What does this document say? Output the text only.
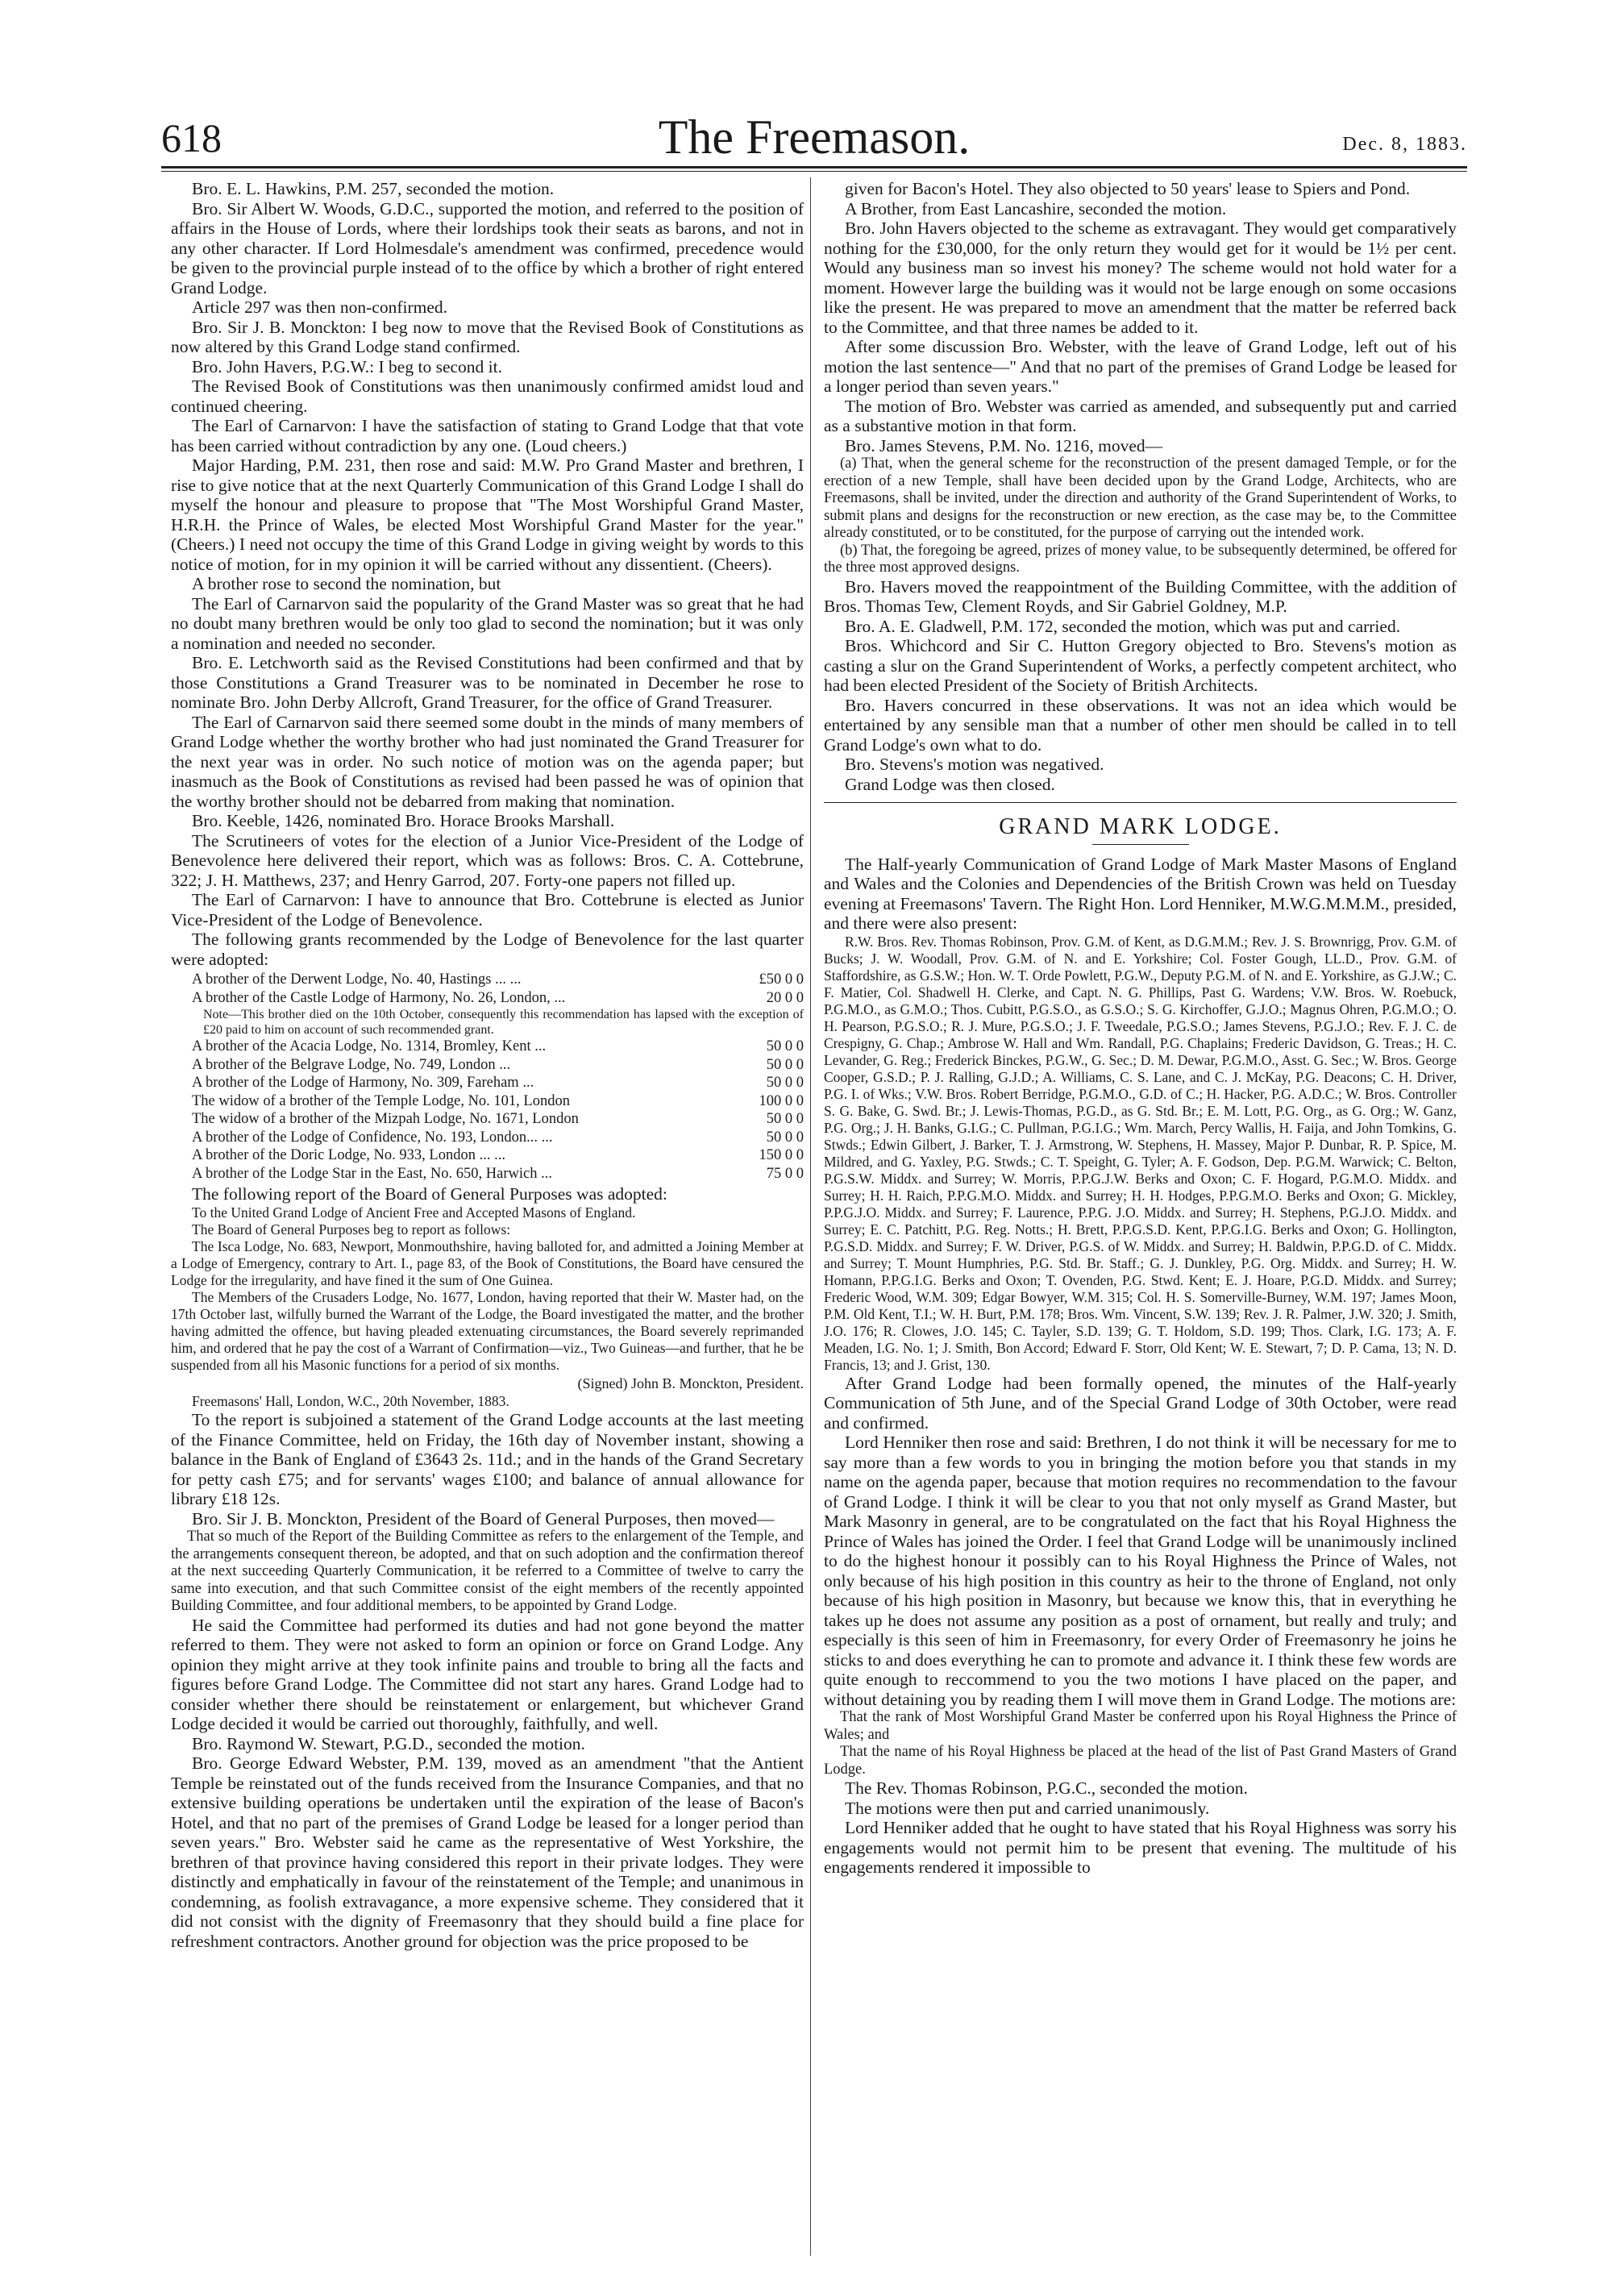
618	The Freemason.	Dec. 8, 1883.

Bro. E. L. Hawkins, P.M. 257, seconded the motion.

Bro. Sir Albert W. Woods, G.D.C., supported the motion, and referred to the position of affairs in the House of Lords, where their lordships took their seats as barons, and not in any other character. If Lord Holmesdale's amendment was confirmed, precedence would be given to the provincial purple instead of to the office by which a brother of right entered Grand Lodge.

Article 297 was then non-confirmed.

Bro. Sir J. B. Monckton: I beg now to move that the Revised Book of Constitutions as now altered by this Grand Lodge stand confirmed.

Bro. John Havers, P.G.W.: I beg to second it.

The Revised Book of Constitutions was then unanimously confirmed amidst loud and continued cheering.

The Earl of Carnarvon: I have the satisfaction of stating to Grand Lodge that that vote has been carried without contradiction by any one. (Loud cheers.)

Major Harding, P.M. 231, then rose and said: M.W. Pro Grand Master and brethren, I rise to give notice that at the next Quarterly Communication of this Grand Lodge I shall do myself the honour and pleasure to propose that "The Most Worshipful Grand Master, H.R.H. the Prince of Wales, be elected Most Worshipful Grand Master for the year." (Cheers.) I need not occupy the time of this Grand Lodge in giving weight by words to this notice of motion, for in my opinion it will be carried without any dissentient. (Cheers).

A brother rose to second the nomination, but

The Earl of Carnarvon said the popularity of the Grand Master was so great that he had no doubt many brethren would be only too glad to second the nomination; but it was only a nomination and needed no seconder.

Bro. E. Letchworth said as the Revised Constitutions had been confirmed and that by those Constitutions a Grand Treasurer was to be nominated in December he rose to nominate Bro. John Derby Allcroft, Grand Treasurer, for the office of Grand Treasurer.

The Earl of Carnarvon said there seemed some doubt in the minds of many members of Grand Lodge whether the worthy brother who had just nominated the Grand Treasurer for the next year was in order. No such notice of motion was on the agenda paper; but inasmuch as the Book of Constitutions as revised had been passed he was of opinion that the worthy brother should not be debarred from making that nomination.

Bro. Keeble, 1426, nominated Bro. Horace Brooks Marshall.

The Scrutineers of votes for the election of a Junior Vice-President of the Lodge of Benevolence here delivered their report, which was as follows: Bros. C. A. Cottebrune, 322; J. H. Matthews, 237; and Henry Garrod, 207. Forty-one papers not filled up.

The Earl of Carnarvon: I have to announce that Bro. Cottebrune is elected as Junior Vice-President of the Lodge of Benevolence.

The following grants recommended by the Lodge of Benevolence for the last quarter were adopted:

A brother of the Derwent Lodge, No. 40, Hastings ... ...	£50 0 0
A brother of the Castle Lodge of Harmony, No. 26, London, ...	20 0 0

Note—This brother died on the 10th October, consequently this recommendation has lapsed with the exception of £20 paid to him on account of such recommended grant.

A brother of the Acacia Lodge, No. 1314, Bromley, Kent ...	50 0 0
A brother of the Belgrave Lodge, No. 749, London ...	50 0 0
A brother of the Lodge of Harmony, No. 309, Fareham ...	50 0 0
The widow of a brother of the Temple Lodge, No. 101, London	100 0 0
The widow of a brother of the Mizpah Lodge, No. 1671, London	50 0 0
A brother of the Lodge of Confidence, No. 193, London... ...	50 0 0
A brother of the Doric Lodge, No. 933, London ... ...	150 0 0
A brother of the Lodge Star in the East, No. 650, Harwich ...	75 0 0

The following report of the Board of General Purposes was adopted:

To the United Grand Lodge of Ancient Free and Accepted Masons of England.

The Board of General Purposes beg to report as follows:

The Isca Lodge, No. 683, Newport, Monmouthshire, having balloted for, and admitted a Joining Member at a Lodge of Emergency, contrary to Art. I., page 83, of the Book of Constitutions, the Board have censured the Lodge for the irregularity, and have fined it the sum of One Guinea.

The Members of the Crusaders Lodge, No. 1677, London, having reported that their W. Master had, on the 17th October last, wilfully burned the Warrant of the Lodge, the Board investigated the matter, and the brother having admitted the offence, but having pleaded extenuating circumstances, the Board severely reprimanded him, and ordered that he pay the cost of a Warrant of Confirmation—viz., Two Guineas—and further, that he be suspended from all his Masonic functions for a period of six months.

(Signed) John B. Monckton, President.

Freemasons' Hall, London, W.C., 20th November, 1883.

To the report is subjoined a statement of the Grand Lodge accounts at the last meeting of the Finance Committee, held on Friday, the 16th day of November instant, showing a balance in the Bank of England of £3643 2s. 11d.; and in the hands of the Grand Secretary for petty cash £75; and for servants' wages £100; and balance of annual allowance for library £18 12s.

Bro. Sir J. B. Monckton, President of the Board of General Purposes, then moved—

That so much of the Report of the Building Committee as refers to the enlargement of the Temple, and the arrangements consequent thereon, be adopted, and that on such adoption and the confirmation thereof at the next succeeding Quarterly Communication, it be referred to a Committee of twelve to carry the same into execution, and that such Committee consist of the eight members of the recently appointed Building Committee, and four additional members, to be appointed by Grand Lodge.

He said the Committee had performed its duties and had not gone beyond the matter referred to them. They were not asked to form an opinion or force on Grand Lodge. Any opinion they might arrive at they took infinite pains and trouble to bring all the facts and figures before Grand Lodge. The Committee did not start any hares. Grand Lodge had to consider whether there should be reinstatement or enlargement, but whichever Grand Lodge decided it would be carried out thoroughly, faithfully, and well.

Bro. Raymond W. Stewart, P.G.D., seconded the motion.

Bro. George Edward Webster, P.M. 139, moved as an amendment "that the Antient Temple be reinstated out of the funds received from the Insurance Companies, and that no extensive building operations be undertaken until the expiration of the lease of Bacon's Hotel, and that no part of the premises of Grand Lodge be leased for a longer period than seven years." Bro. Webster said he came as the representative of West Yorkshire, the brethren of that province having considered this report in their private lodges. They were distinctly and emphatically in favour of the reinstatement of the Temple; and unanimous in condemning, as foolish extravagance, a more expensive scheme. They considered that it did not consist with the dignity of Freemasonry that they should build a fine place for refreshment contractors. Another ground for objection was the price proposed to be

given for Bacon's Hotel. They also objected to 50 years' lease to Spiers and Pond.

A Brother, from East Lancashire, seconded the motion.

Bro. John Havers objected to the scheme as extravagant. They would get comparatively nothing for the £30,000, for the only return they would get for it would be 1½ per cent. Would any business man so invest his money? The scheme would not hold water for a moment. However large the building was it would not be large enough on some occasions like the present. He was prepared to move an amendment that the matter be referred back to the Committee, and that three names be added to it.

After some discussion Bro. Webster, with the leave of Grand Lodge, left out of his motion the last sentence—" And that no part of the premises of Grand Lodge be leased for a longer period than seven years."

The motion of Bro. Webster was carried as amended, and subsequently put and carried as a substantive motion in that form.

Bro. James Stevens, P.M. No. 1216, moved—

(a) That, when the general scheme for the reconstruction of the present damaged Temple, or for the erection of a new Temple, shall have been decided upon by the Grand Lodge, Architects, who are Freemasons, shall be invited, under the direction and authority of the Grand Superintendent of Works, to submit plans and designs for the reconstruction or new erection, as the case may be, to the Committee already constituted, or to be constituted, for the purpose of carrying out the intended work.

(b) That, the foregoing be agreed, prizes of money value, to be subsequently determined, be offered for the three most approved designs.

Bro. Havers moved the reappointment of the Building Committee, with the addition of Bros. Thomas Tew, Clement Royds, and Sir Gabriel Goldney, M.P.

Bro. A. E. Gladwell, P.M. 172, seconded the motion, which was put and carried.

Bros. Whichcord and Sir C. Hutton Gregory objected to Bro. Stevens's motion as casting a slur on the Grand Superintendent of Works, a perfectly competent architect, who had been elected President of the Society of British Architects.

Bro. Havers concurred in these observations. It was not an idea which would be entertained by any sensible man that a number of other men should be called in to tell Grand Lodge's own what to do.

Bro. Stevens's motion was negatived.

Grand Lodge was then closed.

GRAND MARK LODGE.

The Half-yearly Communication of Grand Lodge of Mark Master Masons of England and Wales and the Colonies and Dependencies of the British Crown was held on Tuesday evening at Freemasons' Tavern. The Right Hon. Lord Henniker, M.W.G.M.M.M., presided, and there were also present:

R.W. Bros. Rev. Thomas Robinson, Prov. G.M. of Kent, as D.G.M.M.; Rev. J. S. Brownrigg, Prov. G.M. of Bucks; J. W. Woodall, Prov. G.M. of N. and E. Yorkshire; Col. Foster Gough, LL.D., Prov. G.M. of Staffordshire, as G.S.W.; Hon. W. T. Orde Powlett, P.G.W., Deputy P.G.M. of N. and E. Yorkshire, as G.J.W.; C. F. Matier, Col. Shadwell H. Clerke, and Capt. N. G. Phillips, Past G. Wardens; V.W. Bros. W. Roebuck, P.G.M.O., as G.M.O.; Thos. Cubitt, P.G.S.O., as G.S.O.; S. G. Kirchoffer, G.J.O.; Magnus Ohren, P.G.M.O.; O. H. Pearson, P.G.S.O.; R. J. Mure, P.G.S.O.; J. F. Tweedale, P.G.S.O.; James Stevens, P.G.J.O.; Rev. F. J. C. de Crespigny, G. Chap.; Ambrose W. Hall and Wm. Randall, P.G. Chaplains; Frederic Davidson, G. Treas.; H. C. Levander, G. Reg.; Frederick Binckes, P.G.W., G. Sec.; D. M. Dewar, P.G.M.O., Asst. G. Sec.; W. Bros. George Cooper, G.S.D.; P. J. Ralling, G.J.D.; A. Williams, C. S. Lane, and C. J. McKay, P.G. Deacons; C. H. Driver, P.G. I. of Wks.; V.W. Bros. Robert Berridge, P.G.M.O., G.D. of C.; H. Hacker, P.G. A.D.C.; W. Bros. Controller S. G. Bake, G. Swd. Br.; J. Lewis-Thomas, P.G.D., as G. Std. Br.; E. M. Lott, P.G. Org., as G. Org.; W. Ganz, P.G. Org.; J. H. Banks, G.I.G.; C. Pullman, P.G.I.G.; Wm. March, Percy Wallis, H. Faija, and John Tomkins, G. Stwds.; Edwin Gilbert, J. Barker, T. J. Armstrong, W. Stephens, H. Massey, Major P. Dunbar, R. P. Spice, M. Mildred, and G. Yaxley, P.G. Stwds.; C. T. Speight, G. Tyler; A. F. Godson, Dep. P.G.M. Warwick; C. Belton, P.G.S.W. Middx. and Surrey; W. Morris, P.P.G.J.W. Berks and Oxon; C. F. Hogard, P.G.M.O. Middx. and Surrey; H. H. Raich, P.P.G.M.O. Middx. and Surrey; H. H. Hodges, P.P.G.M.O. Berks and Oxon; G. Mickley, P.P.G.J.O. Middx. and Surrey; F. Laurence, P.P.G. J.O. Middx. and Surrey; H. Stephens, P.G.J.O. Middx. and Surrey; E. C. Patchitt, P.G. Reg. Notts.; H. Brett, P.P.G.S.D. Kent, P.P.G.I.G. Berks and Oxon; G. Hollington, P.G.S.D. Middx. and Surrey; F. W. Driver, P.G.S. of W. Middx. and Surrey; H. Baldwin, P.P.G.D. of C. Middx. and Surrey; T. Mount Humphries, P.G. Std. Br. Staff.; G. J. Dunkley, P.G. Org. Middx. and Surrey; H. W. Homann, P.P.G.I.G. Berks and Oxon; T. Ovenden, P.G. Stwd. Kent; E. J. Hoare, P.G.D. Middx. and Surrey; Frederic Wood, W.M. 309; Edgar Bowyer, W.M. 315; Col. H. S. Somerville-Burney, W.M. 197; James Moon, P.M. Old Kent, T.I.; W. H. Burt, P.M. 178; Bros. Wm. Vincent, S.W. 139; Rev. J. R. Palmer, J.W. 320; J. Smith, J.O. 176; R. Clowes, J.O. 145; C. Tayler, S.D. 139; G. T. Holdom, S.D. 199; Thos. Clark, I.G. 173; A. F. Meaden, I.G. No. 1; J. Smith, Bon Accord; Edward F. Storr, Old Kent; W. E. Stewart, 7; D. P. Cama, 13; N. D. Francis, 13; and J. Grist, 130.

After Grand Lodge had been formally opened, the minutes of the Half-yearly Communication of 5th June, and of the Special Grand Lodge of 30th October, were read and confirmed.

Lord Henniker then rose and said: Brethren, I do not think it will be necessary for me to say more than a few words to you in bringing the motion before you that stands in my name on the agenda paper, because that motion requires no recommendation to the favour of Grand Lodge. I think it will be clear to you that not only myself as Grand Master, but Mark Masonry in general, are to be congratulated on the fact that his Royal Highness the Prince of Wales has joined the Order. I feel that Grand Lodge will be unanimously inclined to do the highest honour it possibly can to his Royal Highness the Prince of Wales, not only because of his high position in this country as heir to the throne of England, not only because of his high position in Masonry, but because we know this, that in everything he takes up he does not assume any position as a post of ornament, but really and truly; and especially is this seen of him in Freemasonry, for every Order of Freemasonry he joins he sticks to and does everything he can to promote and advance it. I think these few words are quite enough to reccommend to you the two motions I have placed on the paper, and without detaining you by reading them I will move them in Grand Lodge. The motions are:

That the rank of Most Worshipful Grand Master be conferred upon his Royal Highness the Prince of Wales; and

That the name of his Royal Highness be placed at the head of the list of Past Grand Masters of Grand Lodge.

The Rev. Thomas Robinson, P.G.C., seconded the motion.

The motions were then put and carried unanimously.

Lord Henniker added that he ought to have stated that his Royal Highness was sorry his engagements would not permit him to be present that evening. The multitude of his engagements rendered it impossible to
